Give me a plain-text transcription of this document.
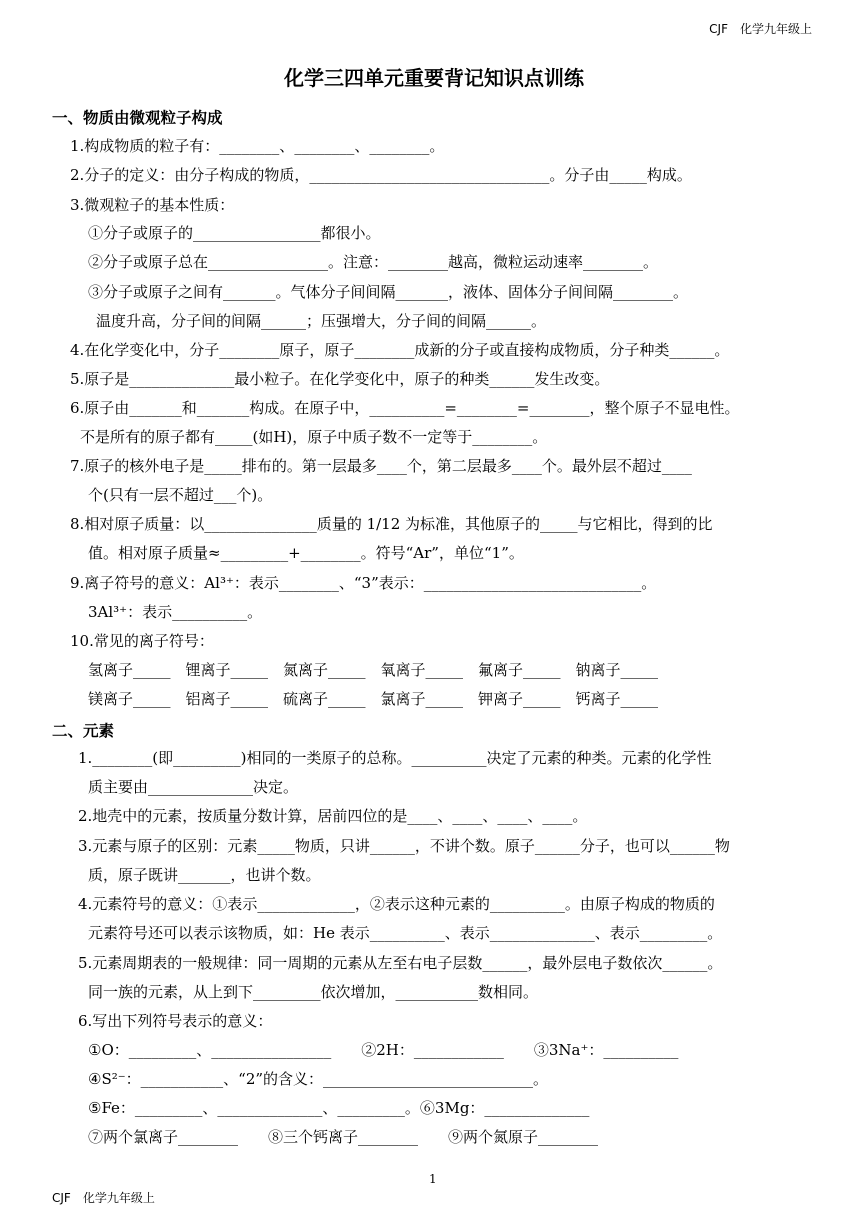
CJF　化学九年级上
化学三四单元重要背记知识点训练
一、物质由微观粒子构成
1.构成物质的粒子有：________、________、________。
2.分子的定义：由分子构成的物质，________________________________。分子由_____构成。
3.微观粒子的基本性质：
①分子或原子的_________________都很小。
②分子或原子总在________________。注意：________越高，微粒运动速率________。
③分子或原子之间有_______。气体分子间间隔_______，液体、固体分子间间隔________。
温度升高，分子间的间隔______；压强增大，分子间的间隔______。
4.在化学变化中，分子________原子，原子________成新的分子或直接构成物质，分子种类______。
5.原子是______________最小粒子。在化学变化中，原子的种类______发生改变。
6.原子由_______和_______构成。在原子中，__________=________=________，整个原子不显电性。
不是所有的原子都有_____(如H)，原子中质子数不一定等于________。
7.原子的核外电子是_____排布的。第一层最多____个，第二层最多____个。最外层不超过____
个(只有一层不超过___个)。
8.相对原子质量：以_______________质量的 1/12 为标准，其他原子的_____与它相比，得到的比
值。相对原子质量≈_________+________。符号“Ar”，单位“1”。
9.离子符号的意义：Al³⁺：表示________、“3”表示：_____________________________。
3Al³⁺：表示__________。
10.常见的离子符号：
氢离子_____　锂离子_____　氮离子_____　氧离子_____　氟离子_____　钠离子_____
镁离子_____　铝离子_____　硫离子_____　氯离子_____　钾离子_____　钙离子_____
二、元素
1.________(即_________)相同的一类原子的总称。__________决定了元素的种类。元素的化学性
质主要由______________决定。
2.地壳中的元素，按质量分数计算，居前四位的是____、____、____、____。
3.元素与原子的区别：元素_____物质，只讲______，不讲个数。原子______分子，也可以______物
质，原子既讲_______，也讲个数。
4.元素符号的意义：①表示_____________，②表示这种元素的__________。由原子构成的物质的
元素符号还可以表示该物质，如：He 表示__________、表示______________、表示_________。
5.元素周期表的一般规律：同一周期的元素从左至右电子层数______，最外层电子数依次______。
同一族的元素，从上到下_________依次增加，___________数相同。
6.写出下列符号表示的意义：
①O：_________、________________　　②2H：____________　　③3Na⁺：__________
④S²⁻：___________、“2”的含义：____________________________。
⑤Fe：_________、______________、_________。⑥3Mg：______________
⑦两个氯离子________　　⑧三个钙离子________　　⑨两个氮原子________
1
CJF　化学九年级上
